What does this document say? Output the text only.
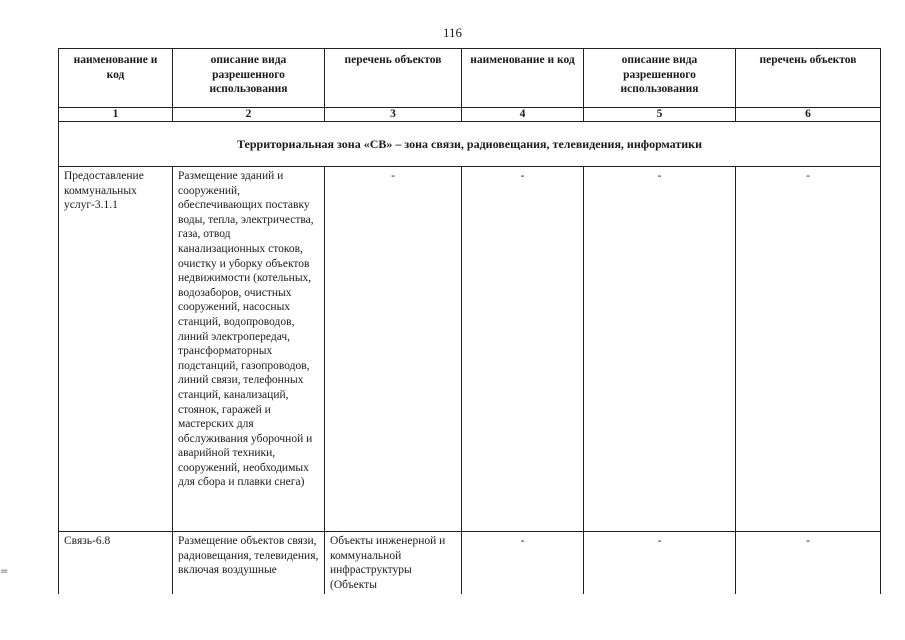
116
наименование и код	описание вида разрешенного использования	перечень объектов	наименование и код	описание вида разрешенного использования	перечень объектов
1	2	3	4	5	6
Территориальная зона «СВ» – зона связи, радиовещания, телевидения, информатики					
Предоставление коммунальных услуг-3.1.1	Размещение зданий и сооружений, обеспечивающих поставку воды, тепла, электричества, газа, отвод канализационных стоков, очистку и уборку объектов недвижимости (котельных, водозаборов, очистных сооружений, насосных станций, водопроводов, линий электропередач, трансформаторных подстанций, газопроводов, линий связи, телефонных станций, канализаций, стоянок, гаражей и мастерских для обслуживания уборочной и аварийной техники, сооружений, необходимых для сбора и плавки снега)	-	-	-	-
Связь-6.8	Размещение объектов связи, радиовещания, телевидения, включая воздушные	Объекты инженерной и коммунальной инфраструктуры (Объекты	-	-	-
=
